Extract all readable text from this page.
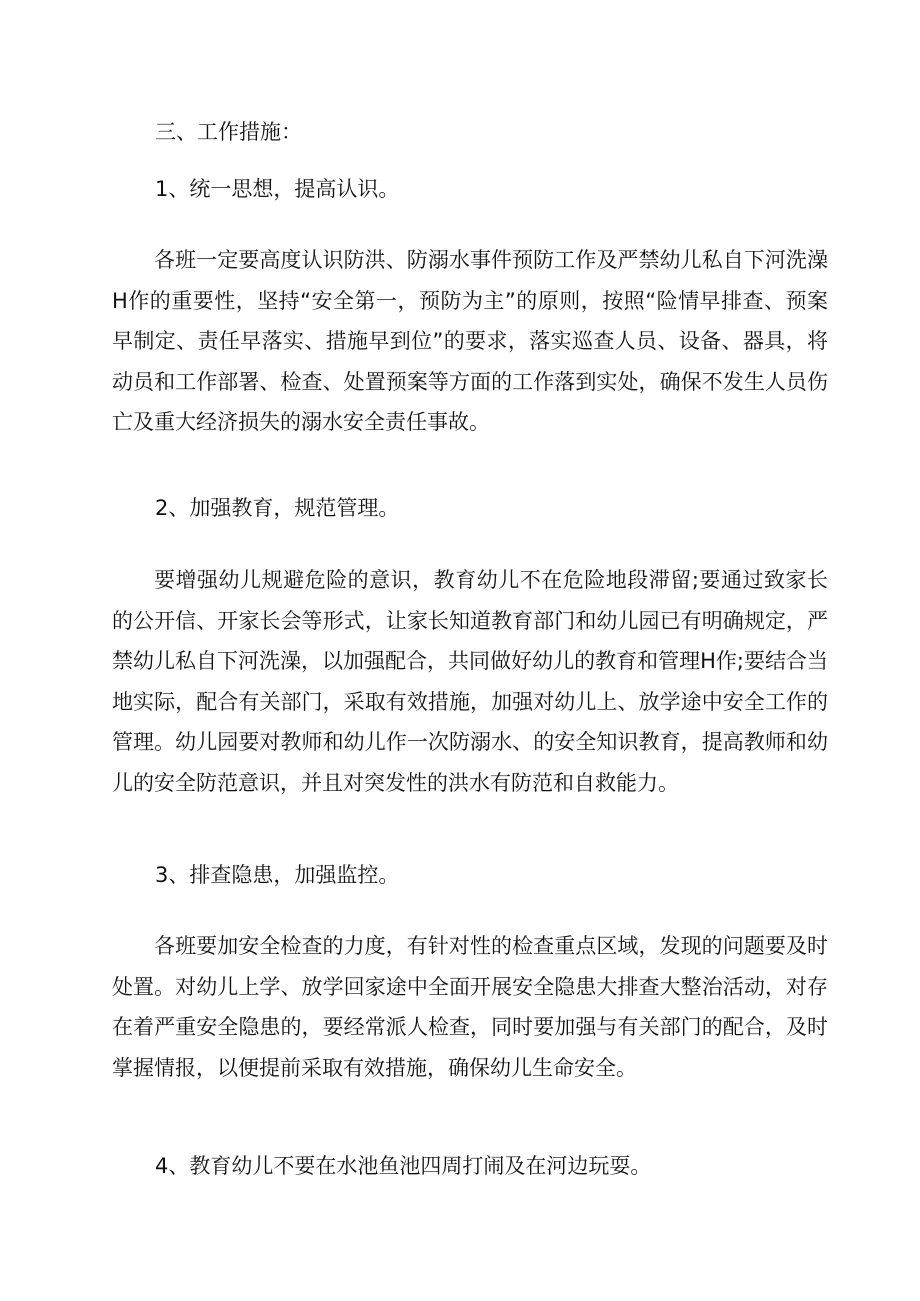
三、工作措施：
1、统一思想，提高认识。
各班一定要高度认识防洪、防溺水事件预防工作及严禁幼儿私自下河洗澡H作的重要性，坚持“安全第一，预防为主”的原则，按照“险情早排查、预案早制定、责任早落实、措施早到位”的要求，落实巡查人员、设备、器具，将动员和工作部署、检查、处置预案等方面的工作落到实处，确保不发生人员伤亡及重大经济损失的溺水安全责任事故。
2、加强教育，规范管理。
要增强幼儿规避危险的意识，教育幼儿不在危险地段滞留;要通过致家长的公开信、开家长会等形式，让家长知道教育部门和幼儿园已有明确规定，严禁幼儿私自下河洗澡，以加强配合，共同做好幼儿的教育和管理H作;要结合当地实际，配合有关部门，采取有效措施，加强对幼儿上、放学途中安全工作的管理。幼儿园要对教师和幼儿作一次防溺水、的安全知识教育，提高教师和幼儿的安全防范意识，并且对突发性的洪水有防范和自救能力。
3、排查隐患，加强监控。
各班要加安全检查的力度，有针对性的检查重点区域，发现的问题要及时处置。对幼儿上学、放学回家途中全面开展安全隐患大排查大整治活动，对存在着严重安全隐患的，要经常派人检查，同时要加强与有关部门的配合，及时掌握情报，以便提前采取有效措施，确保幼儿生命安全。
4、教育幼儿不要在水池鱼池四周打闹及在河边玩耍。
